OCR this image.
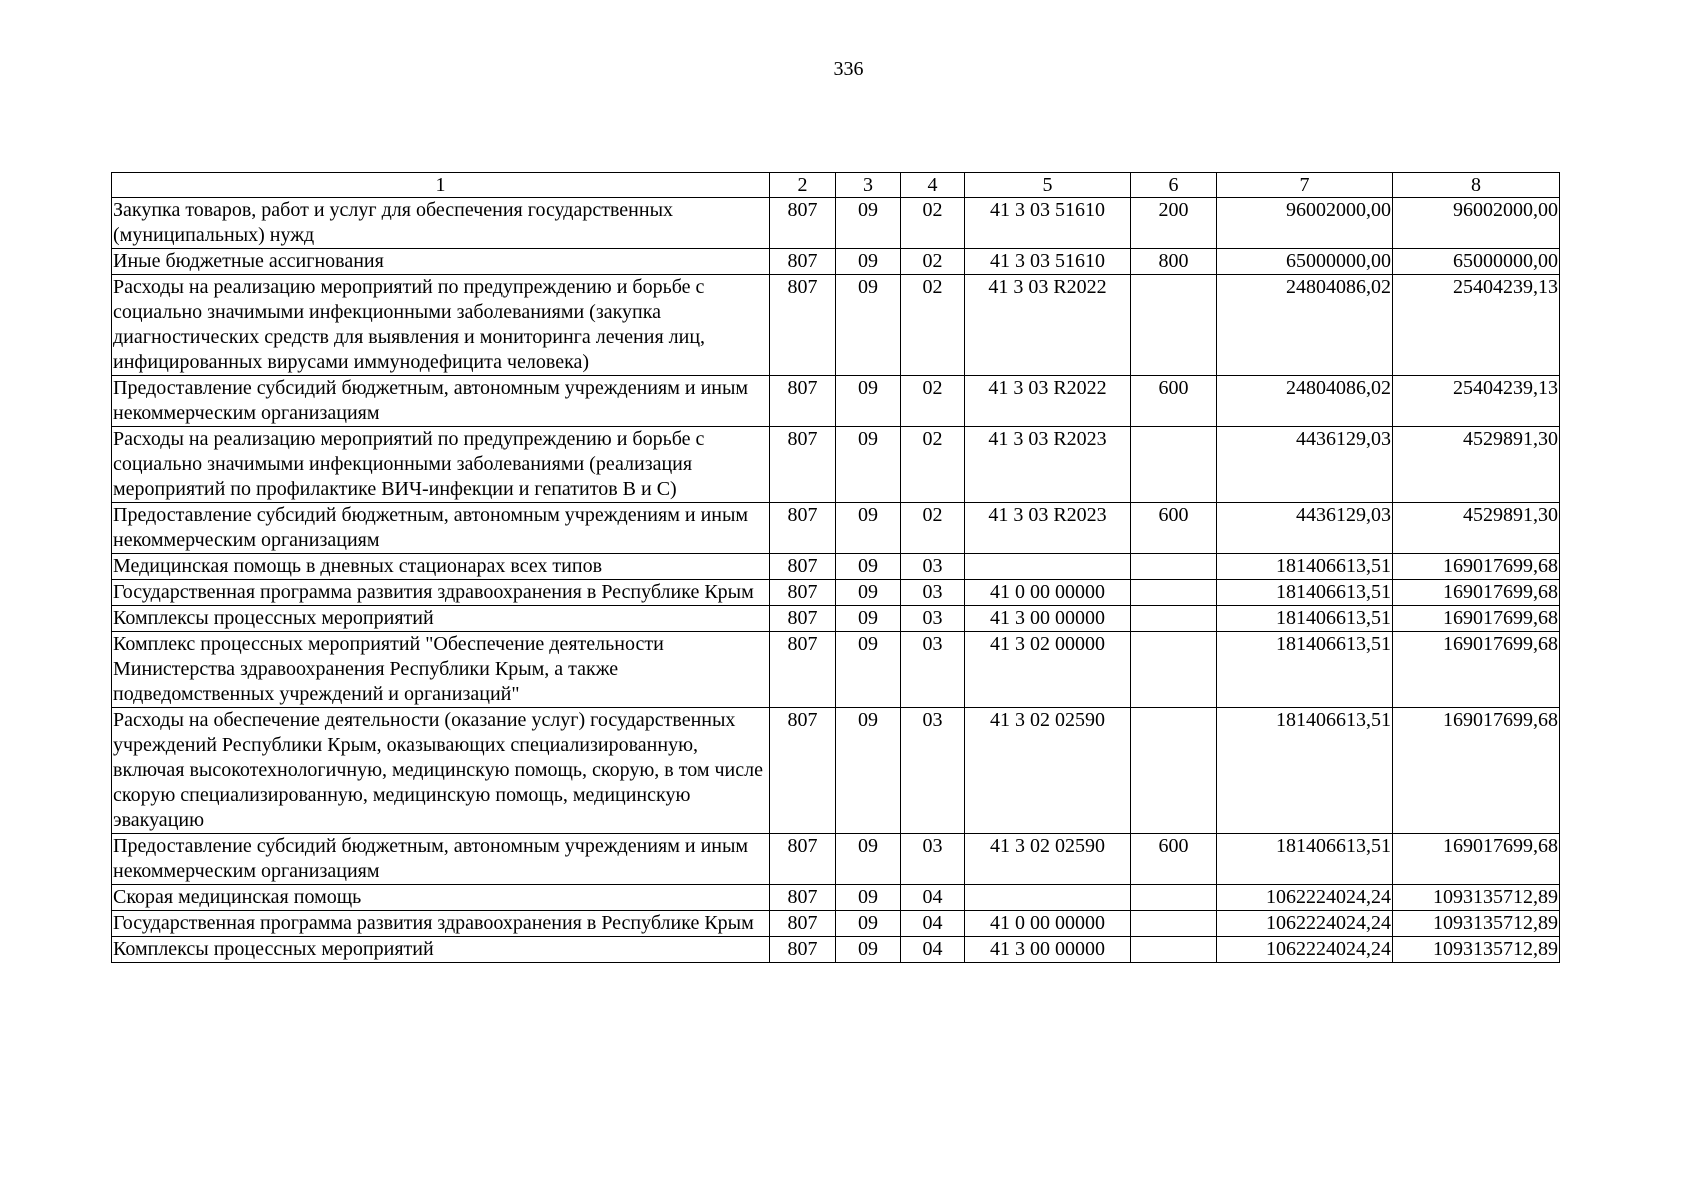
336
1	2	3	4	5	6	7	8
Закупка товаров, работ и услуг для обеспечения государственных (муниципальных) нужд	807	09	02	41 3 03 51610	200	96002000,00	96002000,00
Иные бюджетные ассигнования	807	09	02	41 3 03 51610	800	65000000,00	65000000,00
Расходы на реализацию мероприятий по предупреждению и борьбе с социально значимыми инфекционными заболеваниями (закупка диагностических средств для выявления и мониторинга лечения лиц, инфицированных вирусами иммунодефицита человека)	807	09	02	41 3 03 R2022		24804086,02	25404239,13
Предоставление субсидий бюджетным, автономным учреждениям и иным некоммерческим организациям	807	09	02	41 3 03 R2022	600	24804086,02	25404239,13
Расходы на реализацию мероприятий по предупреждению и борьбе с социально значимыми инфекционными заболеваниями (реализация мероприятий по профилактике ВИЧ-инфекции и гепатитов В и С)	807	09	02	41 3 03 R2023		4436129,03	4529891,30
Предоставление субсидий бюджетным, автономным учреждениям и иным некоммерческим организациям	807	09	02	41 3 03 R2023	600	4436129,03	4529891,30
Медицинская помощь в дневных стационарах всех типов	807	09	03			181406613,51	169017699,68
Государственная программа развития здравоохранения в Республике Крым	807	09	03	41 0 00 00000		181406613,51	169017699,68
Комплексы процессных мероприятий	807	09	03	41 3 00 00000		181406613,51	169017699,68
Комплекс процессных мероприятий "Обеспечение деятельности Министерства здравоохранения Республики Крым, а также подведомственных учреждений и организаций"	807	09	03	41 3 02 00000		181406613,51	169017699,68
Расходы на обеспечение деятельности (оказание услуг) государственных учреждений Республики Крым, оказывающих специализированную, включая высокотехнологичную, медицинскую помощь, скорую, в том числе скорую специализированную, медицинскую помощь, медицинскую эвакуацию	807	09	03	41 3 02 02590		181406613,51	169017699,68
Предоставление субсидий бюджетным, автономным учреждениям и иным некоммерческим организациям	807	09	03	41 3 02 02590	600	181406613,51	169017699,68
Скорая медицинская помощь	807	09	04			1062224024,24	1093135712,89
Государственная программа развития здравоохранения в Республике Крым	807	09	04	41 0 00 00000		1062224024,24	1093135712,89
Комплексы процессных мероприятий	807	09	04	41 3 00 00000		1062224024,24	1093135712,89
